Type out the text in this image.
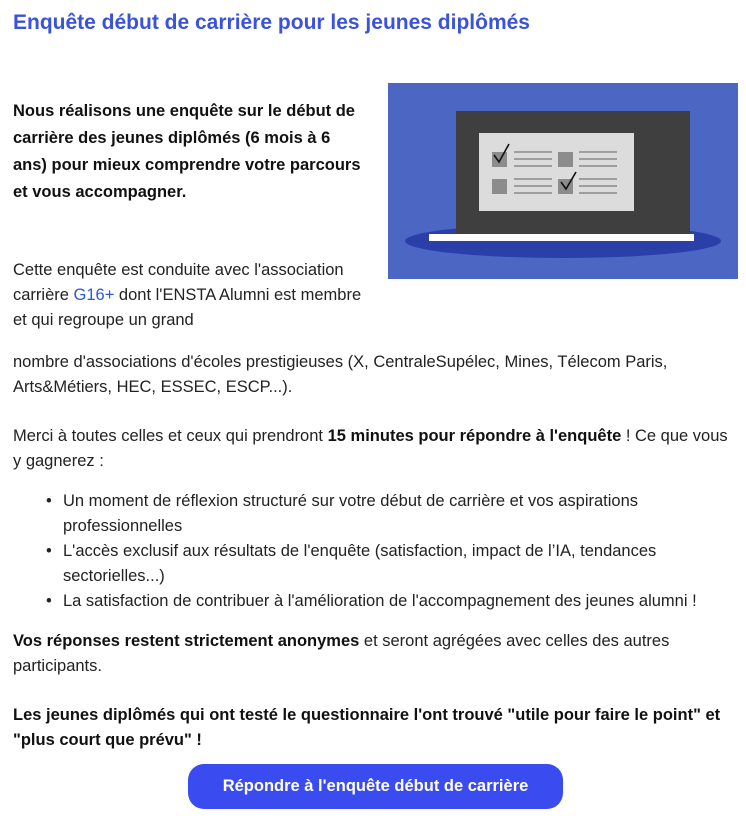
Enquête début de carrière pour les jeunes diplômés

Nous réalisons une enquête sur le début de carrière des jeunes diplômés (6 mois à 6 ans) pour mieux comprendre votre parcours et vous accompagner.

Cette enquête est conduite avec l'association carrière G16+ dont l'ENSTA Alumni est membre et qui regroupe un grand

nombre d'associations d'écoles prestigieuses (X, CentraleSupélec, Mines, Télecom Paris, Arts&Métiers, HEC, ESSEC, ESCP...).

Merci à toutes celles et ceux qui prendront 15 minutes pour répondre à l'enquête ! Ce que vous y gagnerez :

• Un moment de réflexion structuré sur votre début de carrière et vos aspirations professionnelles
• L'accès exclusif aux résultats de l'enquête (satisfaction, impact de l’IA, tendances sectorielles...)
• La satisfaction de contribuer à l'amélioration de l'accompagnement des jeunes alumni !

Vos réponses restent strictement anonymes et seront agrégées avec celles des autres participants.

Les jeunes diplômés qui ont testé le questionnaire l'ont trouvé "utile pour faire le point" et "plus court que prévu" !

Répondre à l'enquête début de carrière
